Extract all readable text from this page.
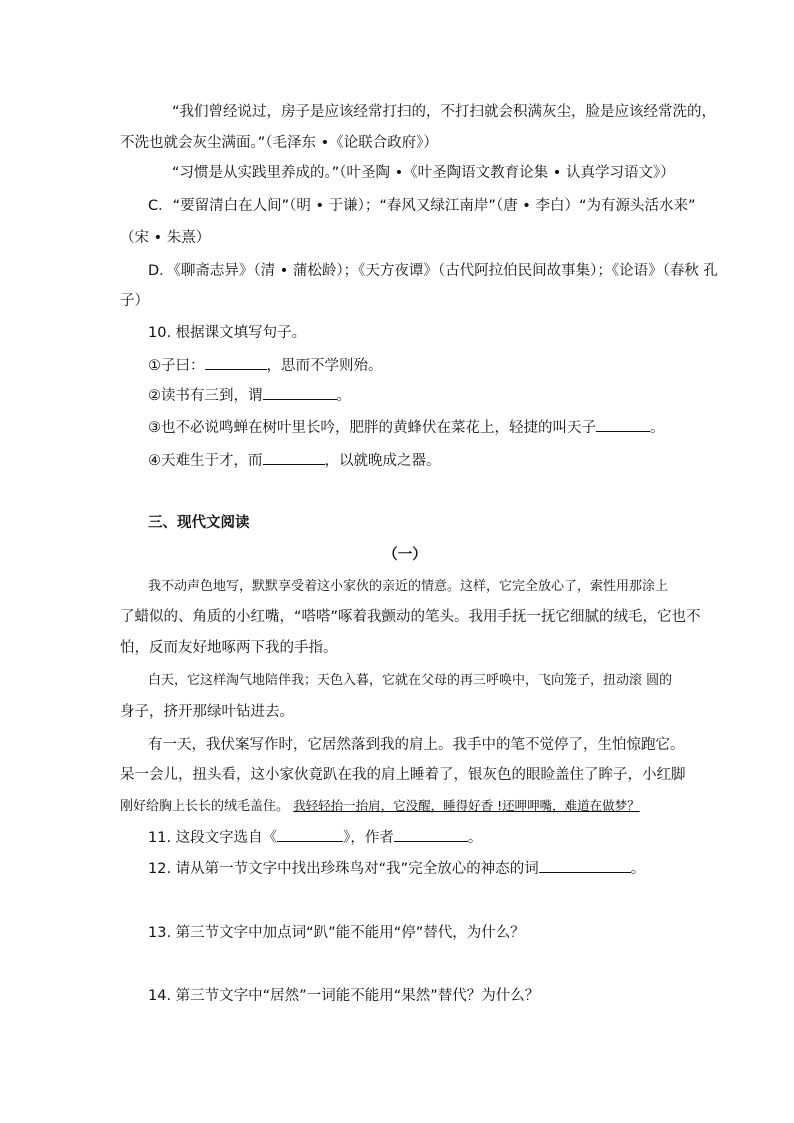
“我们曾经说过，房子是应该经常打扫的，不打扫就会积满灰尘，脸是应该经常洗的，
不洗也就会灰尘满面。”（毛泽东 •《论联合政府》）
“习惯是从实践里养成的。”（叶圣陶 •《叶圣陶语文教育论集 • 认真学习语文》）
C．“要留清白在人间”（明 • 于谦）；“春风又绿江南岸”（唐 • 李白）“为有源头活水来”
（宋 • 朱熹）
D．《聊斋志异》（清 • 蒲松龄）；《天方夜谭》（古代阿拉伯民间故事集）；《论语》（春秋 孔
子）
10. 根据课文填写句子。
①子曰：	，思而不学则殆。
②读书有三到，谓	。
③也不必说鸣蝉在树叶里长吟，肥胖的黄蜂伏在菜花上，轻捷的叫天子	。
④天难生于才，而	，以就晚成之器。
三、现代文阅读
（一）
我不动声色地写，默默享受着这小家伙的亲近的情意。这样，它完全放心了，索性用那涂上
了蜡似的、角质的小红嘴，“嗒嗒”啄着我颤动的笔头。我用手抚一抚它细腻的绒毛，它也不
怕，反而友好地啄两下我的手指。
白天，它这样淘气地陪伴我；天色入暮，它就在父母的再三呼唤中，飞向笼子，扭动滚 圆的
身子，挤开那绿叶钻进去。
有一天，我伏案写作时，它居然落到我的肩上。我手中的笔不觉停了，生怕惊跑它。
呆一会儿，扭头看，这小家伙竟趴在我的肩上睡着了，银灰色的眼睑盖住了眸子，小红脚
刚好给胸上长长的绒毛盖住。 我轻轻抬一抬肩，它没醒，睡得好香 !还呷呷嘴，难道在做梦？
11. 这段文字选自《	》，作者	。
12. 请从第一节文字中找出珍珠鸟对“我”完全放心的神态的词	。
13. 第三节文字中加点词“趴”能不能用“停”替代，为什么？
14. 第三节文字中“居然”一词能不能用“果然”替代？为什么？
